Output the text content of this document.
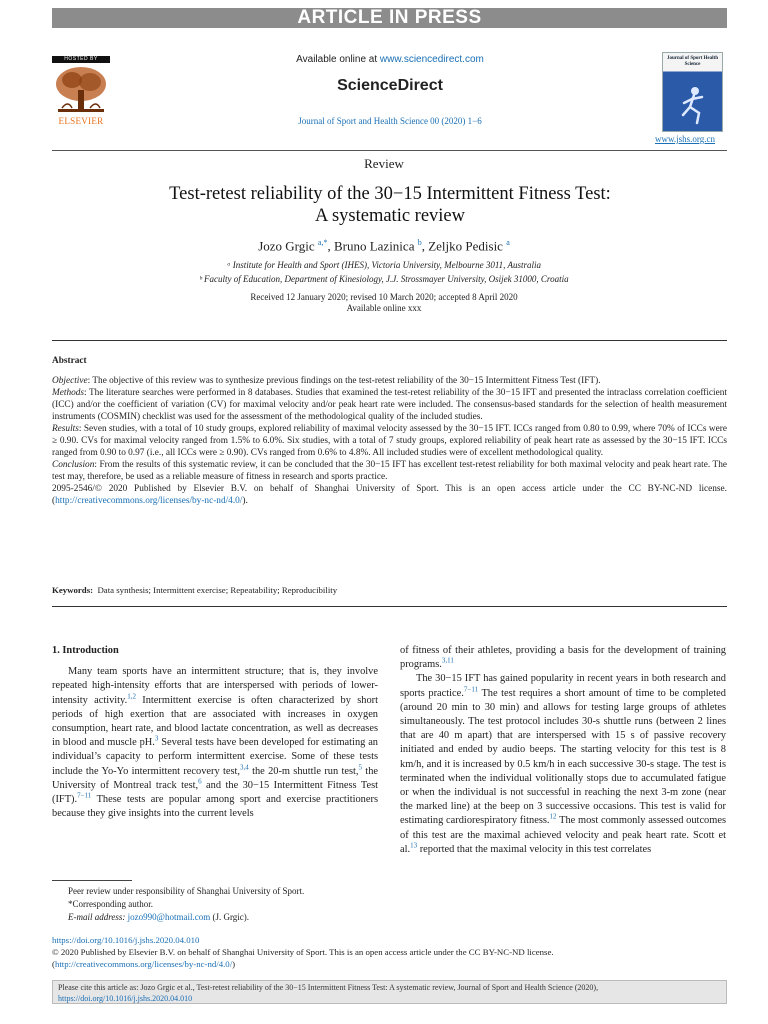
ARTICLE IN PRESS
HOSTED BY
ELSEVIER
Available online at www.sciencedirect.com
ScienceDirect
Journal of Sport and Health Science 00 (2020) 1−6
Journal of Sport Health Science
www.jshs.org.cn
Review
Test-retest reliability of the 30−15 Intermittent Fitness Test:
A systematic review
Jozo Grgic $^{a,*}$, Bruno Lazinica $^b$, Zeljko Pedisic $^a$
ᵃ Institute for Health and Sport (IHES), Victoria University, Melbourne 3011, Australia
ᵇ Faculty of Education, Department of Kinesiology, J.J. Strossmayer University, Osijek 31000, Croatia
Received 12 January 2020; revised 10 March 2020; accepted 8 April 2020
Available online xxx
Abstract

Objective: The objective of this review was to synthesize previous findings on the test-retest reliability of the 30−15 Intermittent Fitness Test (IFT).

Methods: The literature searches were performed in 8 databases. Studies that examined the test-retest reliability of the 30−15 IFT and presented the intraclass correlation coefficient (ICC) and/or the coefficient of variation (CV) for maximal velocity and/or peak heart rate were included. The consensus-based standards for the selection of health measurement instruments (COSMIN) checklist was used for the assessment of the methodological quality of the included studies.

Results: Seven studies, with a total of 10 study groups, explored reliability of maximal velocity assessed by the 30−15 IFT. ICCs ranged from 0.80 to 0.99, where 70% of ICCs were ≥ 0.90. CVs for maximal velocity ranged from 1.5% to 6.0%. Six studies, with a total of 7 study groups, explored reliability of peak heart rate as assessed by the 30−15 IFT. ICCs ranged from 0.90 to 0.97 (i.e., all ICCs were ≥ 0.90). CVs ranged from 0.6% to 4.8%. All included studies were of excellent methodological quality.

Conclusion: From the results of this systematic review, it can be concluded that the 30−15 IFT has excellent test-retest reliability for both maximal velocity and peak heart rate. The test may, therefore, be used as a reliable measure of fitness in research and sports practice.

2095-2546/© 2020 Published by Elsevier B.V. on behalf of Shanghai University of Sport. This is an open access article under the CC BY-NC-ND license. (http://creativecommons.org/licenses/by-nc-nd/4.0/).

Keywords: Data synthesis; Intermittent exercise; Repeatability; Reproducibility
1. Introduction

Many team sports have an intermittent structure; that is, they involve repeated high-intensity efforts that are interspersed with periods of lower-intensity activity.$^{1,2}$ Intermittent exercise is often characterized by short periods of high exertion that are associated with increases in oxygen consumption, heart rate, and blood lactate concentration, as well as decreases in blood and muscle pH.$^3$ Several tests have been developed for estimating an individual’s capacity to perform intermittent exercise. Some of these tests include the Yo-Yo intermittent recovery test,$^{3,4}$ the 20-m shuttle run test,$^5$ the University of Montreal track test,$^6$ and the 30−15 Intermittent Fitness Test (IFT).$^{7-11}$ These tests are popular among sport and exercise practitioners because they give insights into the current levels

of fitness of their athletes, providing a basis for the development of training programs.$^{3,11}$

The 30−15 IFT has gained popularity in recent years in both research and sports practice.$^{7-11}$ The test requires a short amount of time to be completed (around 20 min to 30 min) and allows for testing large groups of athletes simultaneously. The test protocol includes 30-s shuttle runs (between 2 lines that are 40 m apart) that are interspersed with 15 s of passive recovery initiated and ended by audio beeps. The starting velocity for this test is 8 km/h, and it is increased by 0.5 km/h in each successive 30-s stage. The test is terminated when the individual volitionally stops due to accumulated fatigue or when the individual is not successful in reaching the next 3-m zone (near the marked line) at the beep on 3 successive occasions. This test is valid for estimating cardiorespiratory fitness.$^{12}$ The most commonly assessed outcomes of this test are the maximal achieved velocity and peak heart rate. Scott et al.$^{13}$ reported that the maximal velocity in this test correlates

Peer review under responsibility of Shanghai University of Sport.
*Corresponding author.
E-mail address: jozo990@hotmail.com (J. Grgic).
https://doi.org/10.1016/j.jshs.2020.04.010
© 2020 Published by Elsevier B.V. on behalf of Shanghai University of Sport. This is an open access article under the CC BY-NC-ND license.
(http://creativecommons.org/licenses/by-nc-nd/4.0/)
Please cite this article as: Jozo Grgic et al., Test-retest reliability of the 30−15 Intermittent Fitness Test: A systematic review, Journal of Sport and Health Science (2020), https://doi.org/10.1016/j.jshs.2020.04.010
